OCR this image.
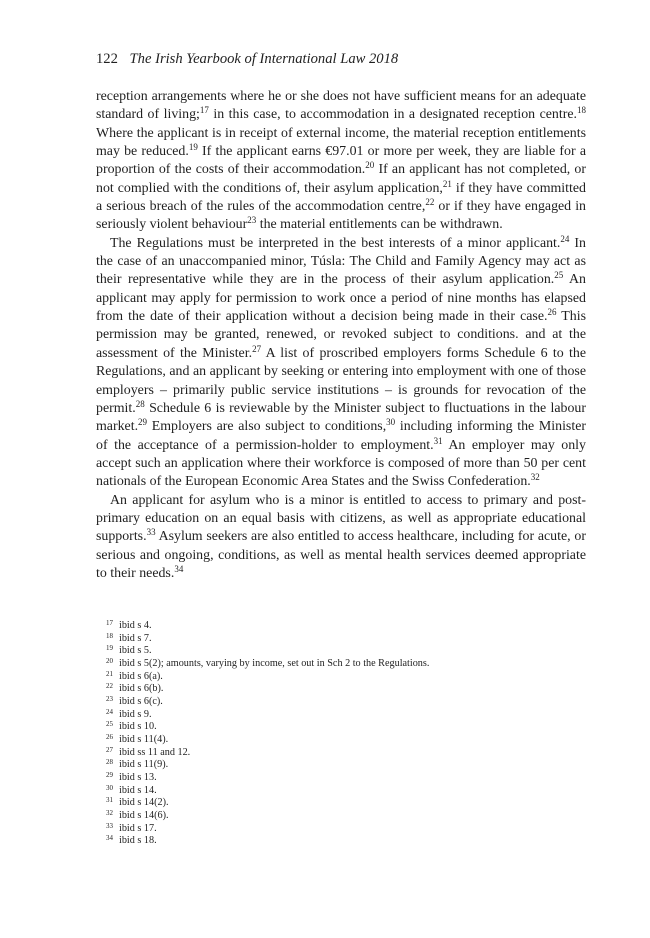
122 The Irish Yearbook of International Law 2018

reception arrangements where he or she does not have sufficient means for an adequate standard of living;$^{17}$ in this case, to accommodation in a designated reception centre.$^{18}$ Where the applicant is in receipt of external income, the material reception entitlements may be reduced.$^{19}$ If the applicant earns €97.01 or more per week, they are liable for a proportion of the costs of their accommodation.$^{20}$ If an applicant has not completed, or not complied with the conditions of, their asylum application,$^{21}$ if they have committed a serious breach of the rules of the accommodation centre,$^{22}$ or if they have engaged in seriously violent behaviour$^{23}$ the material entitlements can be withdrawn.

The Regulations must be interpreted in the best interests of a minor applicant.$^{24}$ In the case of an unaccompanied minor, Túsla: The Child and Family Agency may act as their representative while they are in the process of their asylum application.$^{25}$ An applicant may apply for permission to work once a period of nine months has elapsed from the date of their application without a decision being made in their case.$^{26}$ This permission may be granted, renewed, or revoked subject to conditions. and at the assessment of the Minister.$^{27}$ A list of proscribed employers forms Schedule 6 to the Regulations, and an applicant by seeking or entering into employment with one of those employers – primarily public service institutions – is grounds for revocation of the permit.$^{28}$ Schedule 6 is reviewable by the Minister subject to fluctuations in the labour market.$^{29}$ Employers are also subject to conditions,$^{30}$ including informing the Minister of the acceptance of a permission-holder to employment.$^{31}$ An employer may only accept such an application where their workforce is composed of more than 50 per cent nationals of the European Economic Area States and the Swiss Confederation.$^{32}$

An applicant for asylum who is a minor is entitled to access to primary and post-primary education on an equal basis with citizens, as well as appropriate educational supports.$^{33}$ Asylum seekers are also entitled to access healthcare, including for acute, or serious and ongoing, conditions, as well as mental health services deemed appropriate to their needs.$^{34}$

17 ibid s 4.
18 ibid s 7.
19 ibid s 5.
20 ibid s 5(2); amounts, varying by income, set out in Sch 2 to the Regulations.
21 ibid s 6(a).
22 ibid s 6(b).
23 ibid s 6(c).
24 ibid s 9.
25 ibid s 10.
26 ibid s 11(4).
27 ibid ss 11 and 12.
28 ibid s 11(9).
29 ibid s 13.
30 ibid s 14.
31 ibid s 14(2).
32 ibid s 14(6).
33 ibid s 17.
34 ibid s 18.
